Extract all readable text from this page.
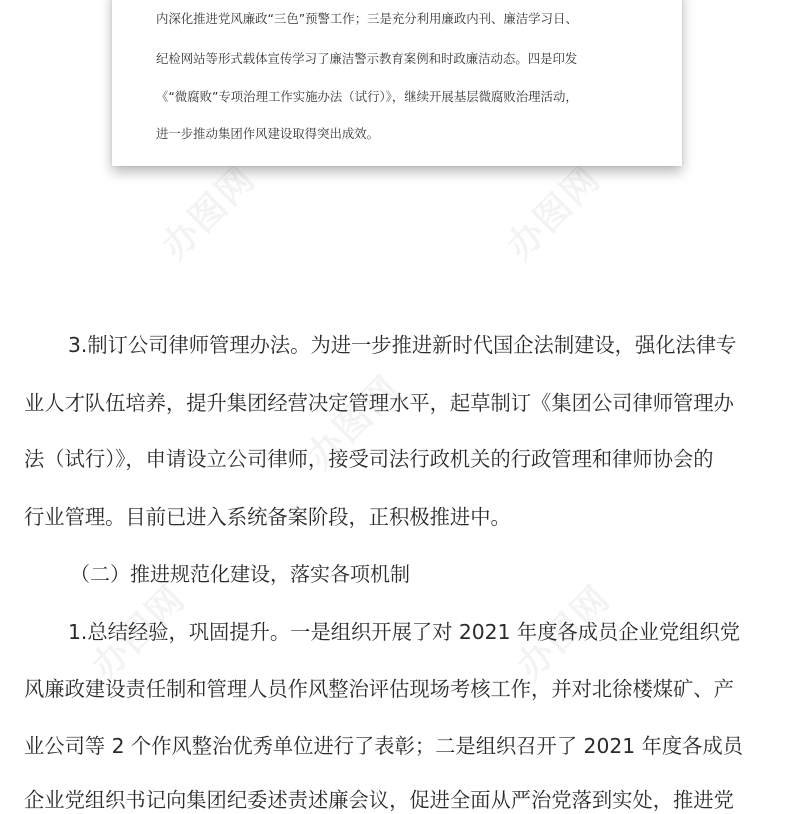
办图网	办图网
办图网
办图网	办图网

内深化推进党风廉政“三色”预警工作；三是充分利用廉政内刊、廉洁学习日、

纪检网站等形式载体宣传学习了廉洁警示教育案例和时政廉洁动态。四是印发

《“微腐败”专项治理工作实施办法（试行）》，继续开展基层微腐败治理活动，

进一步推动集团作风建设取得突出成效。

3.制订公司律师管理办法。为进一步推进新时代国企法制建设，强化法律专

业人才队伍培养，提升集团经营决定管理水平，起草制订《集团公司律师管理办

法（试行）》，申请设立公司律师，接受司法行政机关的行政管理和律师协会的

行业管理。目前已进入系统备案阶段，正积极推进中。

（二）推进规范化建设，落实各项机制

1.总结经验，巩固提升。一是组织开展了对 2021 年度各成员企业党组织党

风廉政建设责任制和管理人员作风整治评估现场考核工作，并对北徐楼煤矿、产

业公司等 2 个作风整治优秀单位进行了表彰；二是组织召开了 2021 年度各成员

企业党组织书记向集团纪委述责述廉会议，促进全面从严治党落到实处，推进党
